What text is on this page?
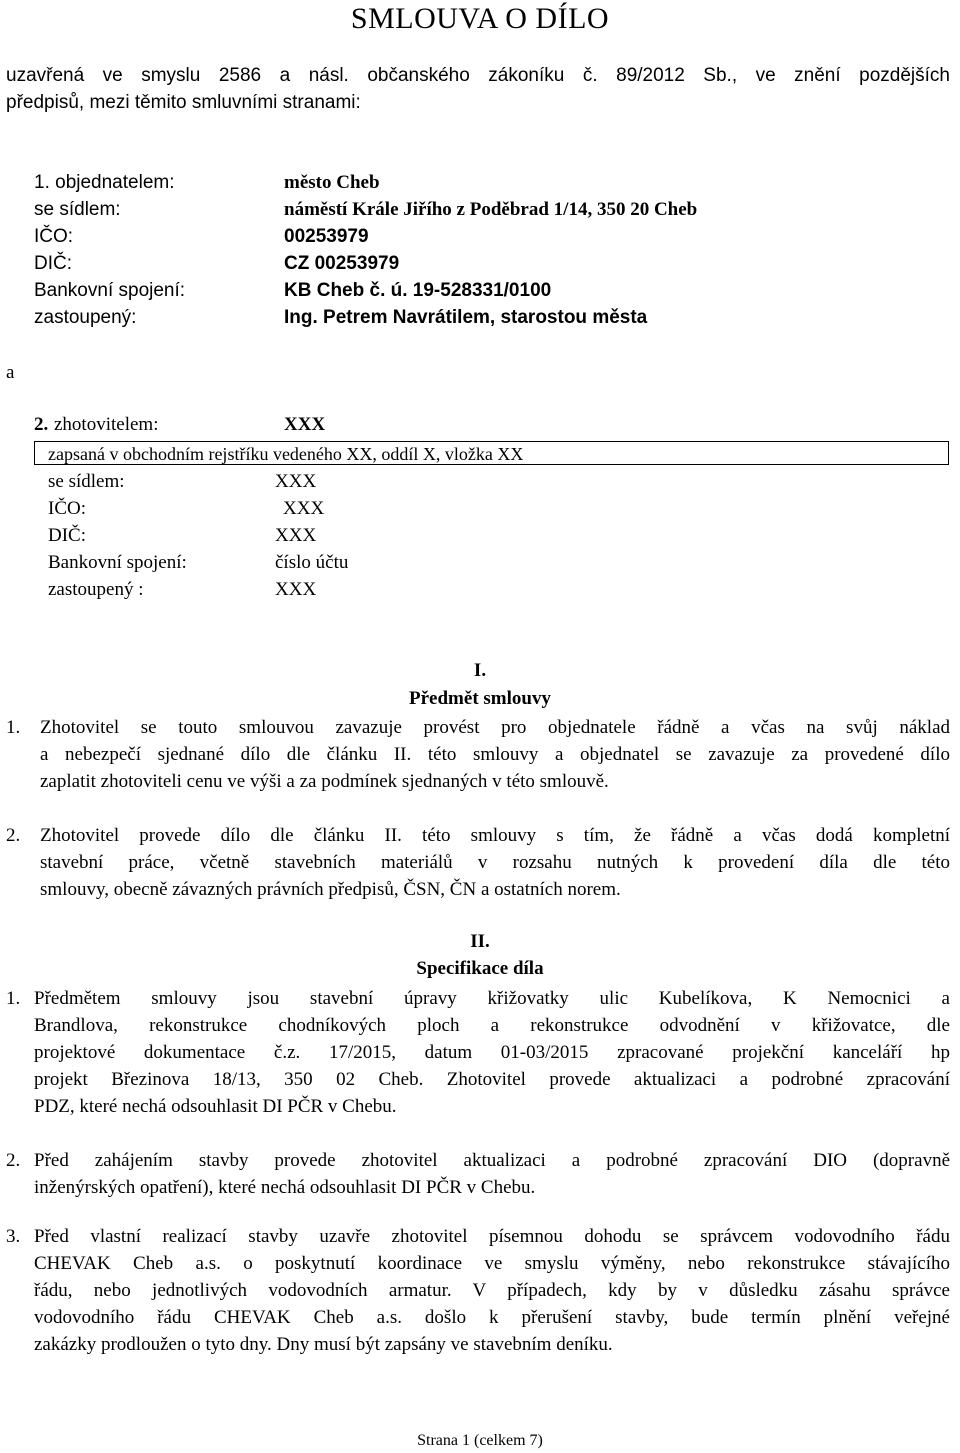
SMLOUVA O DÍLO
uzavřená ve smyslu 2586 a násl. občanského zákoníku č. 89/2012 Sb., ve znění pozdějších
předpisů, mezi těmito smluvními stranami:
1. objednatelem:	město Cheb
se sídlem:	náměstí Krále Jiřího z Poděbrad 1/14, 350 20 Cheb
IČO:	00253979
DIČ:	CZ 00253979
Bankovní spojení:	KB Cheb č. ú. 19-528331/0100
zastoupený:	Ing. Petrem Navrátilem, starostou města
a
2. zhotovitelem:	XXX
zapsaná v obchodním rejstříku vedeného XX, oddíl X, vložka XX
se sídlem:	XXX
IČO:	XXX
DIČ:	XXX
Bankovní spojení:	číslo účtu
zastoupený :	XXX
I.
Předmět smlouvy
1. Zhotovitel se touto smlouvou zavazuje provést pro objednatele řádně a včas na svůj náklad
a nebezpečí sjednané dílo dle článku II. této smlouvy a objednatel se zavazuje za provedené dílo
zaplatit zhotoviteli cenu ve výši a za podmínek sjednaných v této smlouvě.
2. Zhotovitel provede dílo dle článku II. této smlouvy s tím, že řádně a včas dodá kompletní
stavební práce, včetně stavebních materiálů v rozsahu nutných k provedení díla dle této
smlouvy, obecně závazných právních předpisů, ČSN, ČN a ostatních norem.
II.
Specifikace díla
1. Předmětem smlouvy jsou stavební úpravy křižovatky ulic Kubelíkova, K Nemocnici a
Brandlova, rekonstrukce chodníkových ploch a rekonstrukce odvodnění v křižovatce, dle
projektové dokumentace č.z. 17/2015, datum 01-03/2015 zpracované projekční kanceláří hp
projekt Březinova 18/13, 350 02 Cheb. Zhotovitel provede aktualizaci a podrobné zpracování
PDZ, které nechá odsouhlasit DI PČR v Chebu.
2. Před zahájením stavby provede zhotovitel aktualizaci a podrobné zpracování DIO (dopravně
inženýrských opatření), které nechá odsouhlasit DI PČR v Chebu.
3. Před vlastní realizací stavby uzavře zhotovitel písemnou dohodu se správcem vodovodního řádu
CHEVAK Cheb a.s. o poskytnutí koordinace ve smyslu výměny, nebo rekonstrukce stávajícího
řádu, nebo jednotlivých vodovodních armatur. V případech, kdy by v důsledku zásahu správce
vodovodního řádu CHEVAK Cheb a.s. došlo k přerušení stavby, bude termín plnění veřejné
zakázky prodloužen o tyto dny. Dny musí být zapsány ve stavebním deníku.
Strana 1 (celkem 7)
